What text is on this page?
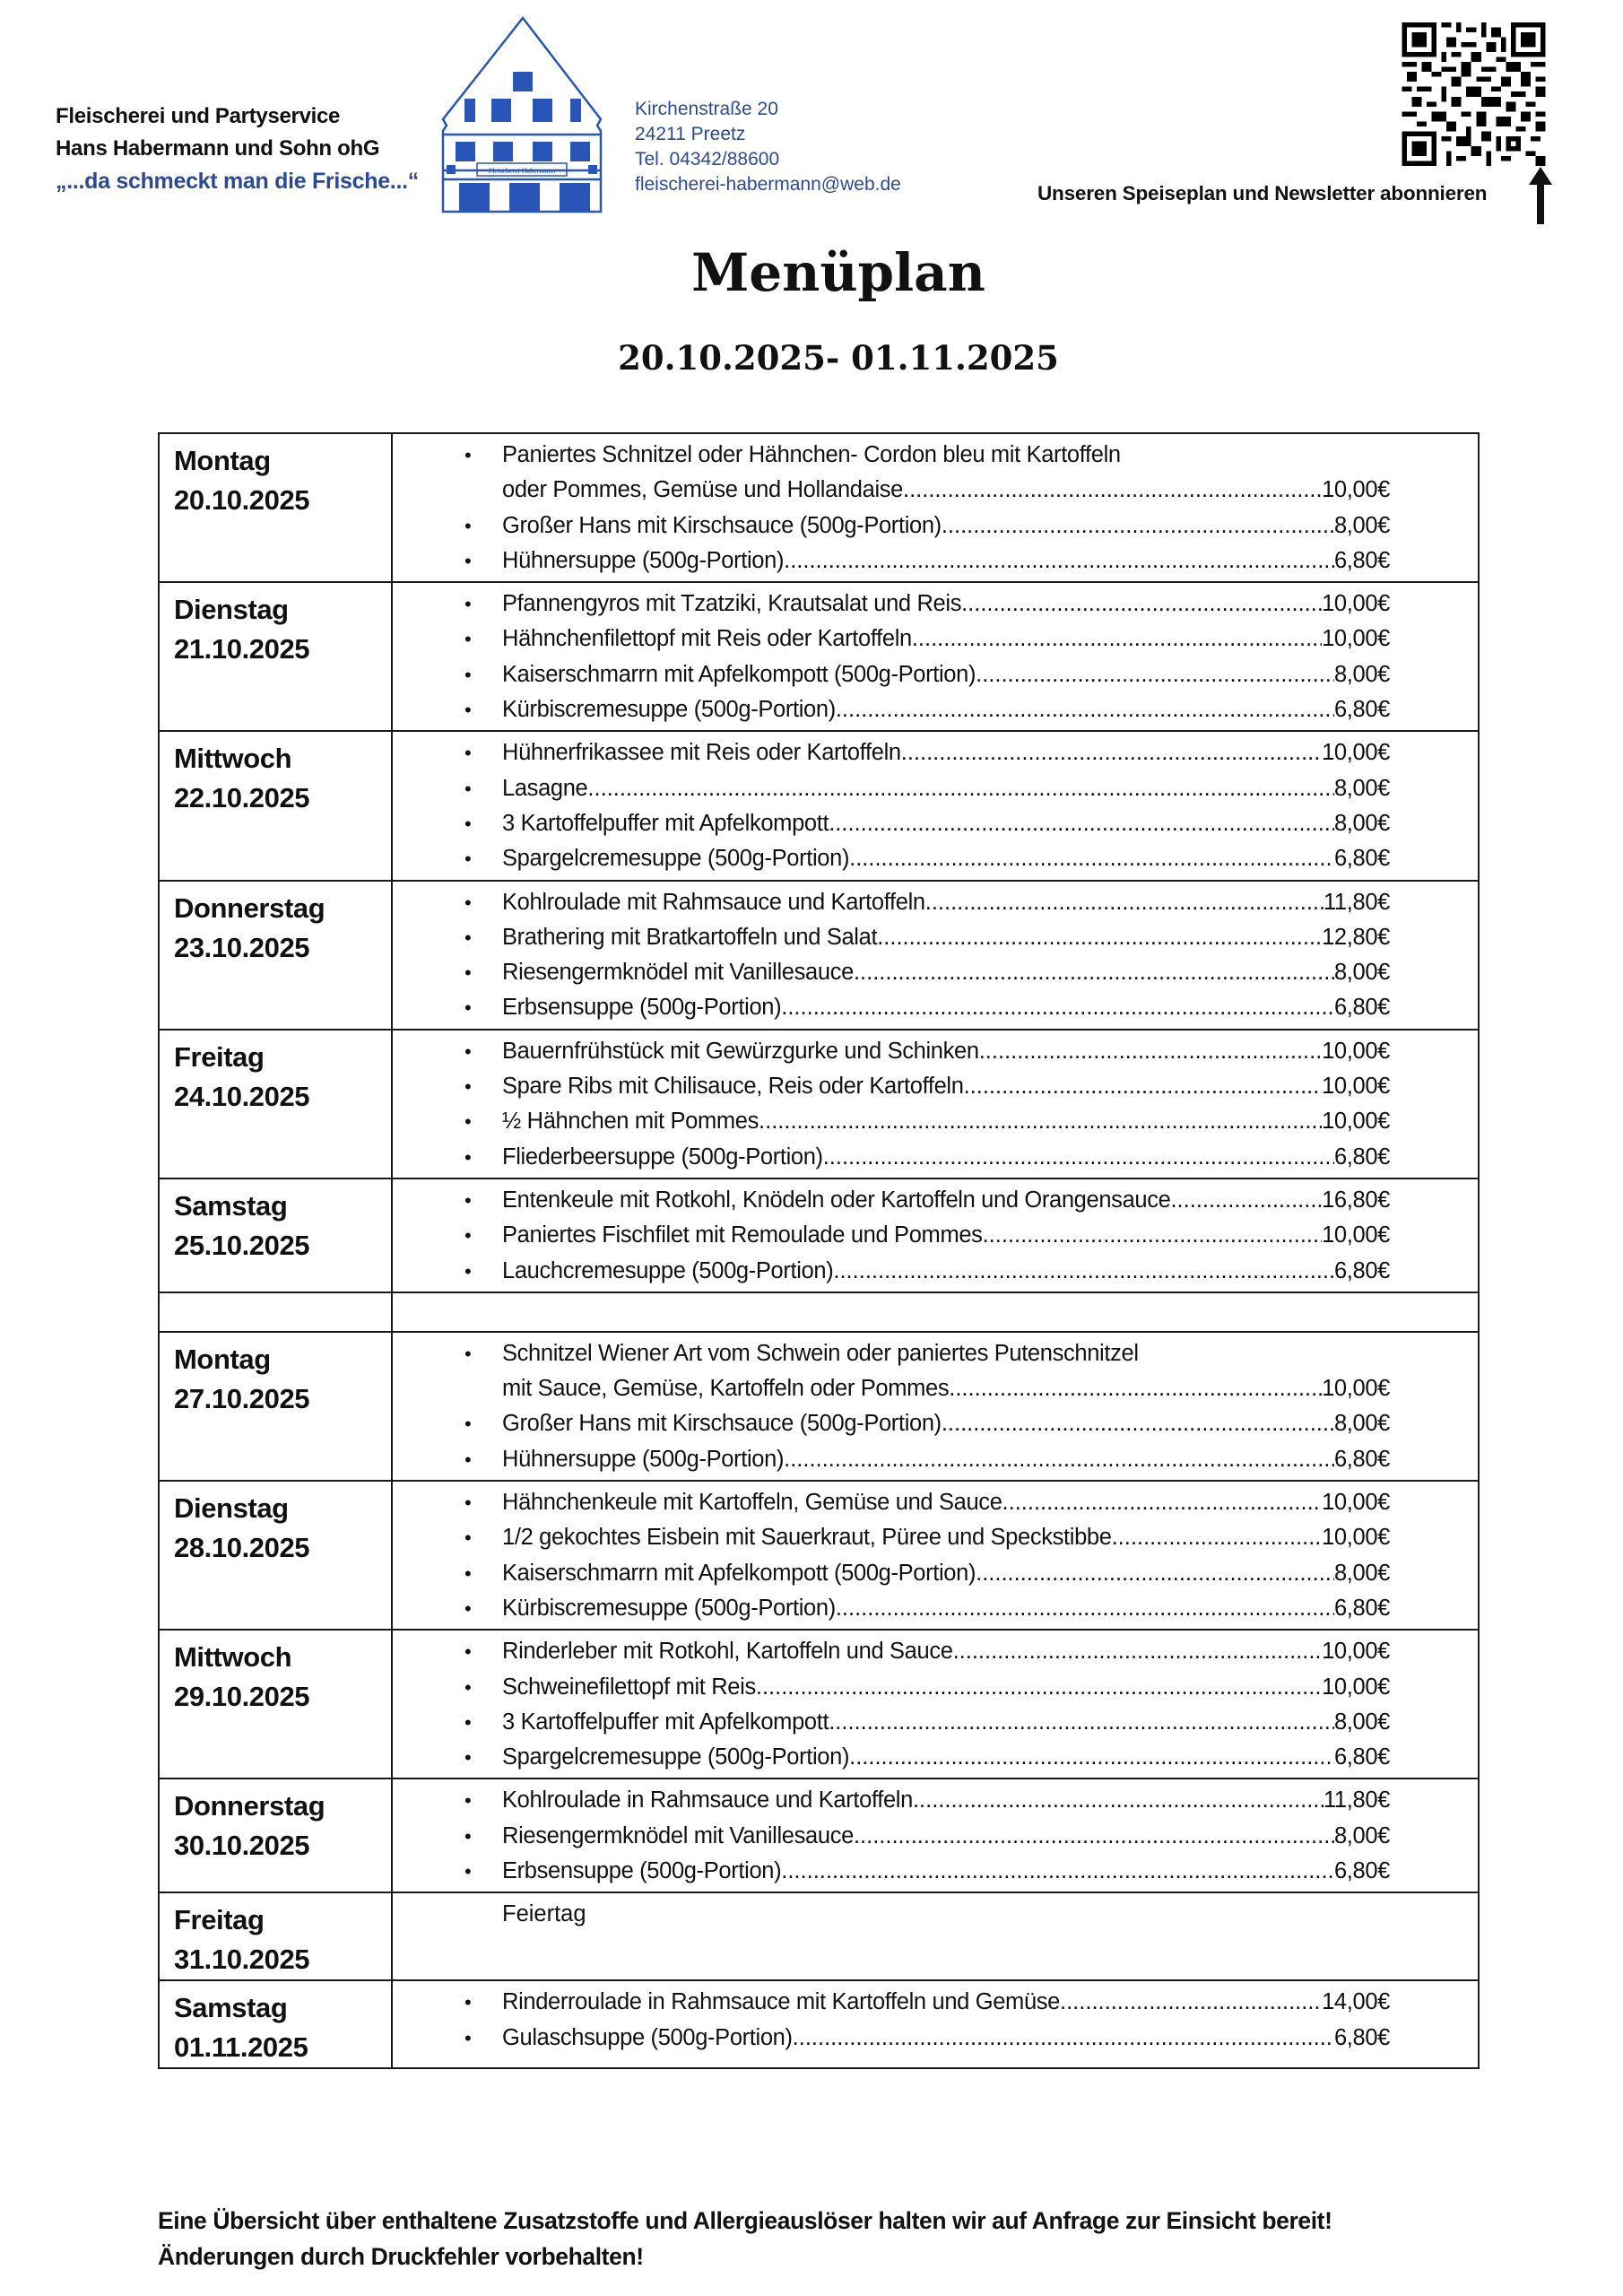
Fleischerei und Partyservice
Hans Habermann und Sohn ohG
„...da schmeckt man die Frische...“	Fleischerei Habermann
Kirchenstraße 20
24211 Preetz
Tel. 04342/88600
fleischerei-habermann@web.de	Unseren Speiseplan und Newsletter abonnieren
Menüplan
20.10.2025- 01.11.2025
Montag
20.10.2025

•	Paniertes Schnitzel oder Hähnchen- Cordon bleu mit Kartoffeln
oder Pommes, Gemüse und Hollandaise .....	10,00€
•	Großer Hans mit Kirschsauce (500g-Portion) .....	8,00€
•	Hühnersuppe (500g-Portion) .....	6,80€

Dienstag
21.10.2025

•	Pfannengyros mit Tzatziki, Krautsalat und Reis .....	10,00€
•	Hähnchenfilettopf mit Reis oder Kartoffeln .....	10,00€
•	Kaiserschmarrn mit Apfelkompott (500g-Portion) .....	8,00€
•	Kürbiscremesuppe (500g-Portion) .....	6,80€

Mittwoch
22.10.2025

•	Hühnerfrikassee mit Reis oder Kartoffeln .....	10,00€
•	Lasagne .....	8,00€
•	3 Kartoffelpuffer mit Apfelkompott .....	8,00€
•	Spargelcremesuppe (500g-Portion) .....	6,80€

Donnerstag
23.10.2025

•	Kohlroulade mit Rahmsauce und Kartoffeln .....	11,80€
•	Brathering mit Bratkartoffeln und Salat .....	12,80€
•	Riesengermknödel mit Vanillesauce .....	8,00€
•	Erbsensuppe (500g-Portion) .....	6,80€

Freitag
24.10.2025

•	Bauernfrühstück mit Gewürzgurke und Schinken .....	10,00€
•	Spare Ribs mit Chilisauce, Reis oder Kartoffeln .....	10,00€
•	½ Hähnchen mit Pommes .....	10,00€
•	Fliederbeersuppe (500g-Portion) .....	6,80€

Samstag
25.10.2025

•	Entenkeule mit Rotkohl, Knödeln oder Kartoffeln und Orangensauce .....	16,80€
•	Paniertes Fischfilet mit Remoulade und Pommes .....	10,00€
•	Lauchcremesuppe (500g-Portion) .....	6,80€

Montag
27.10.2025

•	Schnitzel Wiener Art vom Schwein oder paniertes Putenschnitzel
mit Sauce, Gemüse, Kartoffeln oder Pommes .....	10,00€
•	Großer Hans mit Kirschsauce (500g-Portion) .....	8,00€
•	Hühnersuppe (500g-Portion) .....	6,80€

Dienstag
28.10.2025

•	Hähnchenkeule mit Kartoffeln, Gemüse und Sauce .....	10,00€
•	1/2 gekochtes Eisbein mit Sauerkraut, Püree und Speckstibbe .....	10,00€
•	Kaiserschmarrn mit Apfelkompott (500g-Portion) .....	8,00€
•	Kürbiscremesuppe (500g-Portion) .....	6,80€

Mittwoch
29.10.2025

•	Rinderleber mit Rotkohl, Kartoffeln und Sauce .....	10,00€
•	Schweinefilettopf mit Reis .....	10,00€
•	3 Kartoffelpuffer mit Apfelkompott .....	8,00€
•	Spargelcremesuppe (500g-Portion) .....	6,80€

Donnerstag
30.10.2025

•	Kohlroulade in Rahmsauce und Kartoffeln .....	11,80€
•	Riesengermknödel mit Vanillesauce .....	8,00€
•	Erbsensuppe (500g-Portion) .....	6,80€

Freitag
31.10.2025	Feiertag

Samstag
01.11.2025

•	Rinderroulade in Rahmsauce mit Kartoffeln und Gemüse .....	14,00€
•	Gulaschsuppe (500g-Portion) .....	6,80€
Eine Übersicht über enthaltene Zusatzstoffe und Allergieauslöser halten wir auf Anfrage zur Einsicht bereit!
Änderungen durch Druckfehler vorbehalten!
